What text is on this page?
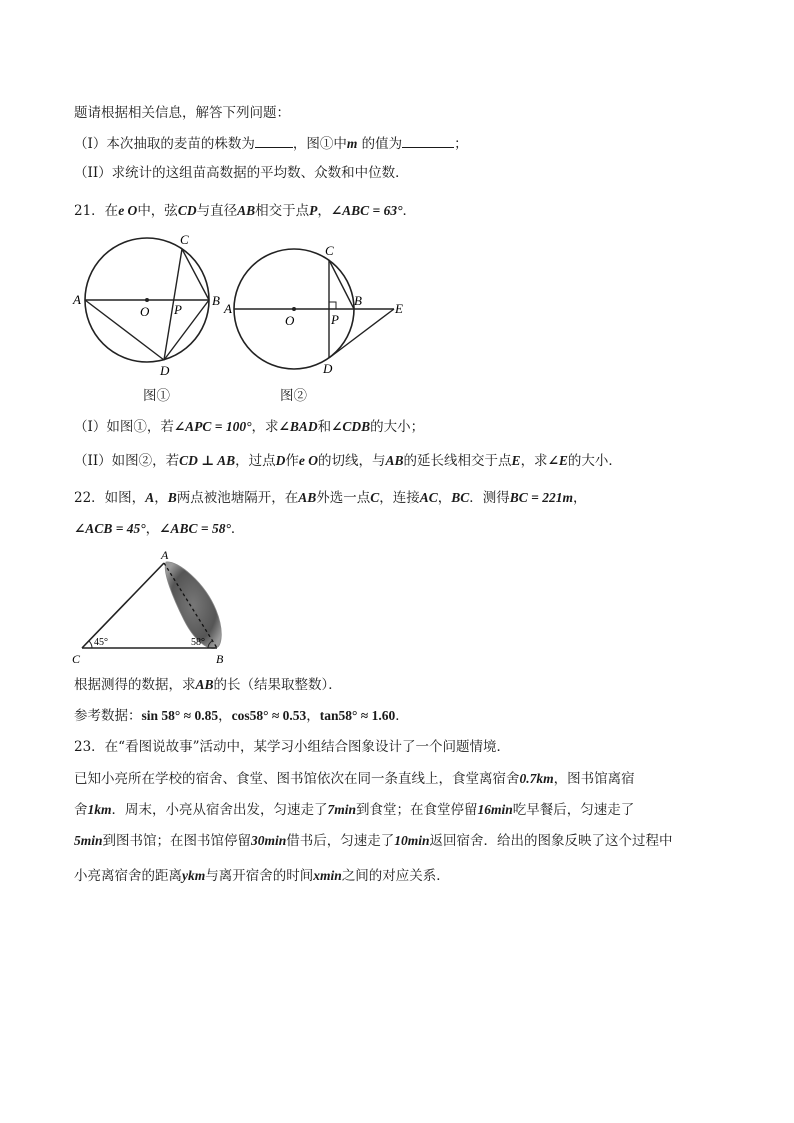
题请根据相关信息，解答下列问题：
（I）本次抽取的麦苗的株数为	，图①中m 的值为	；
（II）求统计的这组苗高数据的平均数、众数和中位数．
21．在e O中，弦CD与直径AB相交于点P，∠ABC = 63°．
A	B
C
D
O P
图①
A
B
C
D
E
O	P
图②
（I）如图①，若∠APC = 100°，求∠BAD和∠CDB的大小；
（II）如图②，若CD ⊥ AB，过点D作e O的切线，与AB的延长线相交于点E，求∠E的大小．
22．如图，A，B两点被池塘隔开，在AB外选一点C，连接AC，BC．测得BC = 221m，
∠ACB = 45°，∠ABC = 58°．
45°	58°
A
B
C
根据测得的数据，求AB的长（结果取整数）．
参考数据：sin 58° ≈ 0.85，cos58° ≈ 0.53，tan58° ≈ 1.60．
23．在“看图说故事”活动中，某学习小组结合图象设计了一个问题情境．
已知小亮所在学校的宿舍、食堂、图书馆依次在同一条直线上，食堂离宿舍0.7km，图书馆离宿
舍1km．周末，小亮从宿舍出发，匀速走了7min到食堂；在食堂停留16min吃早餐后，匀速走了
5min到图书馆；在图书馆停留30min借书后，匀速走了10min返回宿舍．给出的图象反映了这个过程中
小亮离宿舍的距离ykm与离开宿舍的时间xmin之间的对应关系．
